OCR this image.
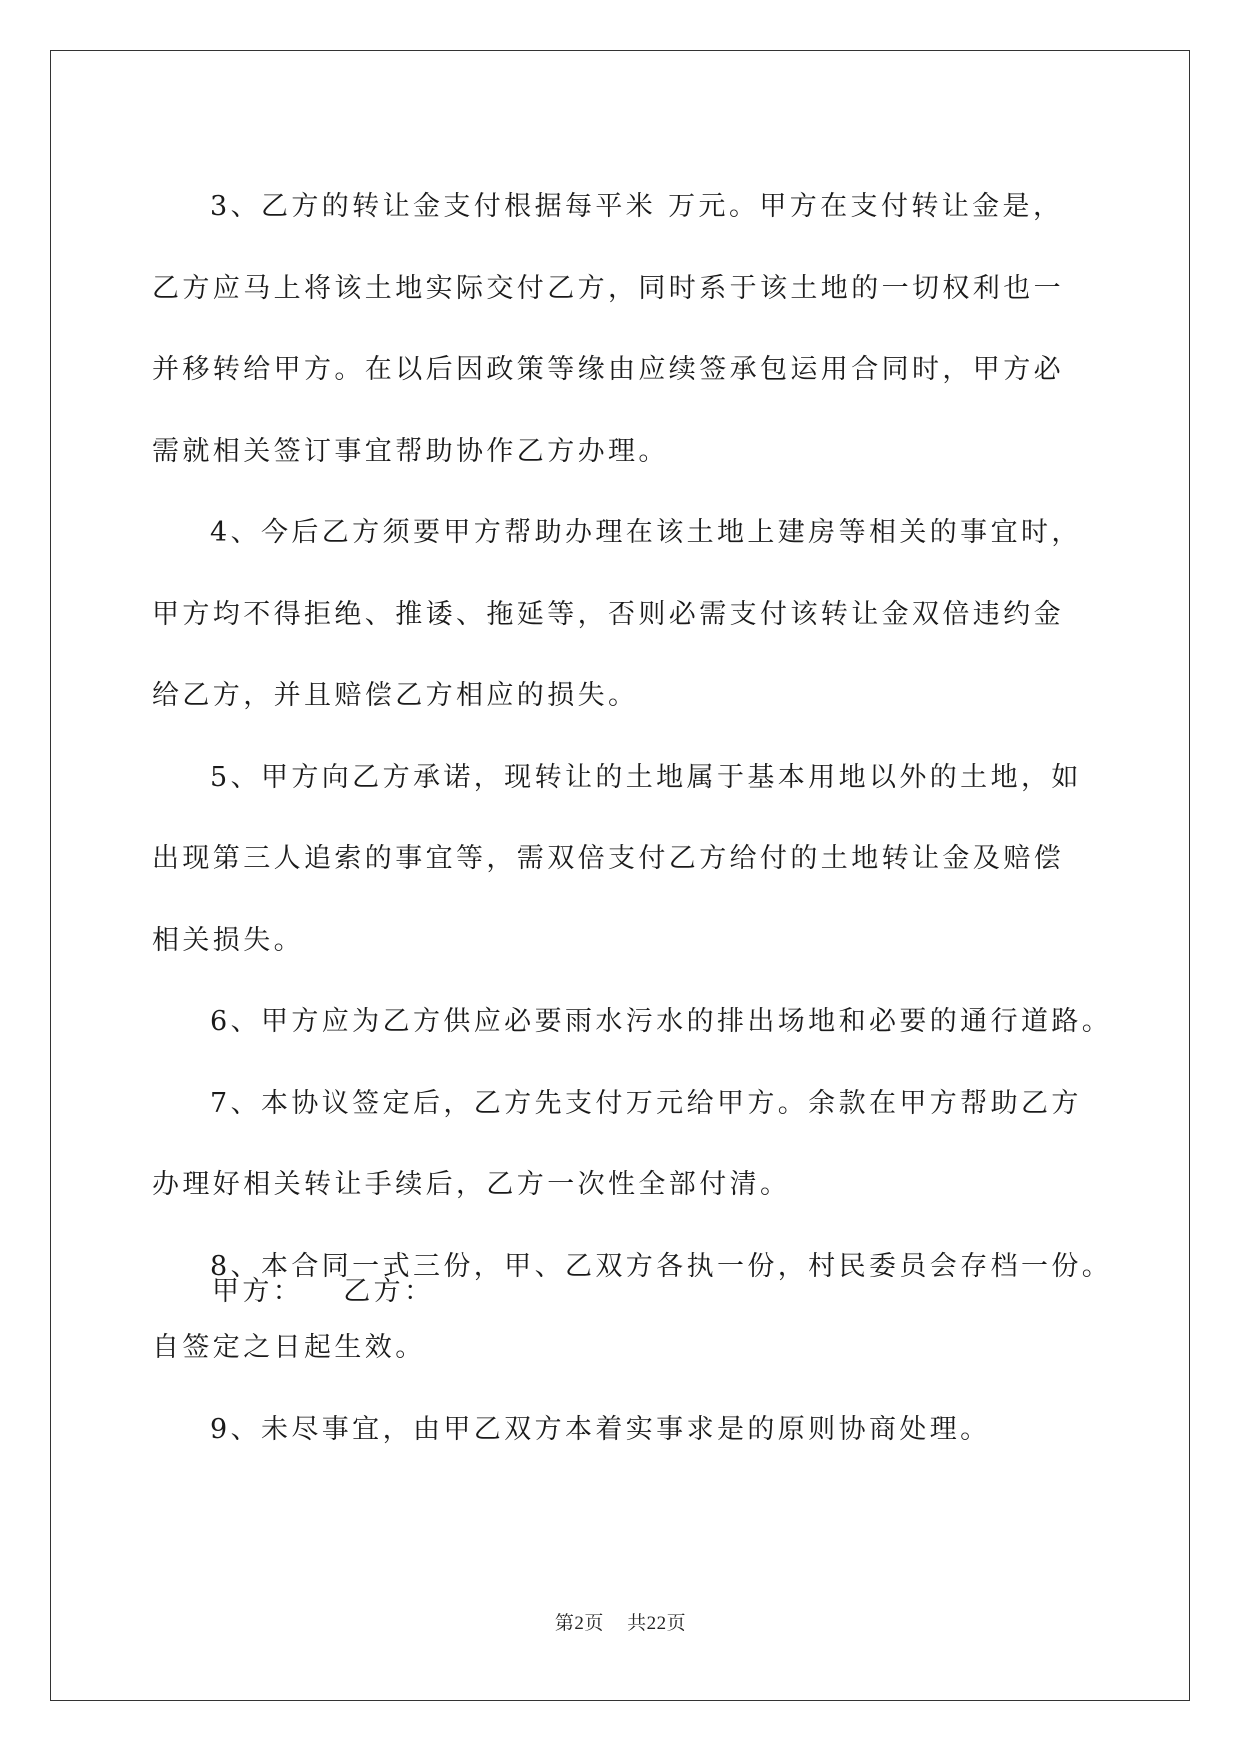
3、乙方的转让金支付根据每平米 万元。甲方在支付转让金是，
乙方应马上将该土地实际交付乙方，同时系于该土地的一切权利也一
并移转给甲方。在以后因政策等缘由应续签承包运用合同时，甲方必
需就相关签订事宜帮助协作乙方办理。

4、今后乙方须要甲方帮助办理在该土地上建房等相关的事宜时，
甲方均不得拒绝、推诿、拖延等，否则必需支付该转让金双倍违约金
给乙方，并且赔偿乙方相应的损失。

5、甲方向乙方承诺，现转让的土地属于基本用地以外的土地，如
出现第三人追索的事宜等，需双倍支付乙方给付的土地转让金及赔偿
相关损失。

6、甲方应为乙方供应必要雨水污水的排出场地和必要的通行道路。

7、本协议签定后，乙方先支付万元给甲方。余款在甲方帮助乙方
办理好相关转让手续后，乙方一次性全部付清。

8、本合同一式三份，甲、乙双方各执一份，村民委员会存档一份。
自签定之日起生效。

9、未尽事宜，由甲乙双方本着实事求是的原则协商处理。

甲方： 乙方：
第2页 共22页
